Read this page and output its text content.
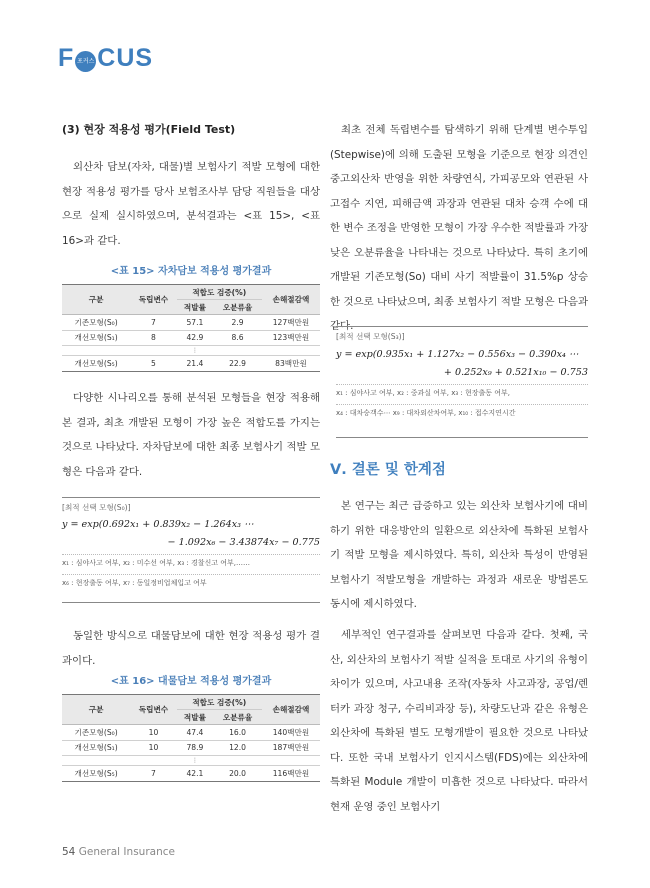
F 포커스 CUS
(3) 현장 적용성 평가(Field Test)
외산차 담보(자차, 대물)별 보험사기 적발 모형에 대한 현장 적용성 평가를 당사 보험조사부 담당 직원들을 대상으로 실제 실시하였으며, 분석결과는 <표 15>, <표 16>과 같다.
<표 15> 자차담보 적용성 평가결과
구분	독립변수	적합도 검증(%)		손해절감액
		적발률	오분류율	
기존모형(S₀)	7	57.1	2.9	127백만원
개선모형(S₁)	8	42.9	8.6	123백만원
		⋮		
개선모형(S₅)	5	21.4	22.9	83백만원
다양한 시나리오를 통해 분석된 모형들을 현장 적용해 본 결과, 최초 개발된 모형이 가장 높은 적합도를 가지는 것으로 나타났다. 자차담보에 대한 최종 보험사기 적발 모형은 다음과 같다.
[최적 선택 모형(S₀)]
y = exp(0.692x₁ + 0.839x₂ − 1.264x₃ ⋯
− 1.092x₆ − 3.43874x₇ − 0.775
x₁ : 심야사고 여부, x₂ : 미수선 여부, x₃ : 경찰신고 여부,……
x₆ : 현장출동 여부, x₇ : 동일정비업체입고 여부
동일한 방식으로 대물담보에 대한 현장 적용성 평가 결과이다.
<표 16> 대물담보 적용성 평가결과
구분	독립변수	적합도 검증(%)		손해절감액
		적발률	오분류율	
기존모형(S₀)	10	47.4	16.0	140백만원
개선모형(S₁)	10	78.9	12.0	187백만원
		⋮		
개선모형(S₅)	7	42.1	20.0	116백만원
최초 전체 독립변수를 탐색하기 위해 단계별 변수투입(Stepwise)에 의해 도출된 모형을 기준으로 현장 의견인 중고외산차 반영을 위한 차량연식, 가피공모와 연관된 사고접수 지연, 피해금액 과장과 연관된 대차 승객 수에 대한 변수 조정을 반영한 모형이 가장 우수한 적발률과 가장 낮은 오분류율을 나타내는 것으로 나타났다. 특히 초기에 개발된 기존모형(So) 대비 사기 적발률이 31.5%p 상승한 것으로 나타났으며, 최종 보험사기 적발 모형은 다음과 같다.
[최적 선택 모형(S₃)]
y = exp(0.935x₁ + 1.127x₂ − 0.556x₃ − 0.390x₄ ⋯
+ 0.252x₉ + 0.521x₁₀ − 0.753
x₁ : 심야사고 여부, x₂ : 중과실 여부, x₃ : 현장출동 여부,
x₄ : 대차승객수⋯ x₉ : 대차외산차여부, x₁₀ : 접수지연시간
Ⅴ. 결론 및 한계점
본 연구는 최근 급증하고 있는 외산차 보험사기에 대비하기 위한 대응방안의 일환으로 외산차에 특화된 보험사기 적발 모형을 제시하였다. 특히, 외산차 특성이 반영된 보험사기 적발모형을 개발하는 과정과 새로운 방법론도 동시에 제시하였다.
세부적인 연구결과를 살펴보면 다음과 같다. 첫째, 국산, 외산차의 보험사기 적발 실적을 토대로 사기의 유형이 차이가 있으며, 사고내용 조작(자동차 사고과장, 공업/렌터카 과장 청구, 수리비과장 등), 차량도난과 같은 유형은 외산차에 특화된 별도 모형개발이 필요한 것으로 나타났다. 또한 국내 보험사기 인지시스템(FDS)에는 외산차에 특화된 Module 개발이 미흡한 것으로 나타났다. 따라서 현재 운영 중인 보험사기
54 General Insurance
